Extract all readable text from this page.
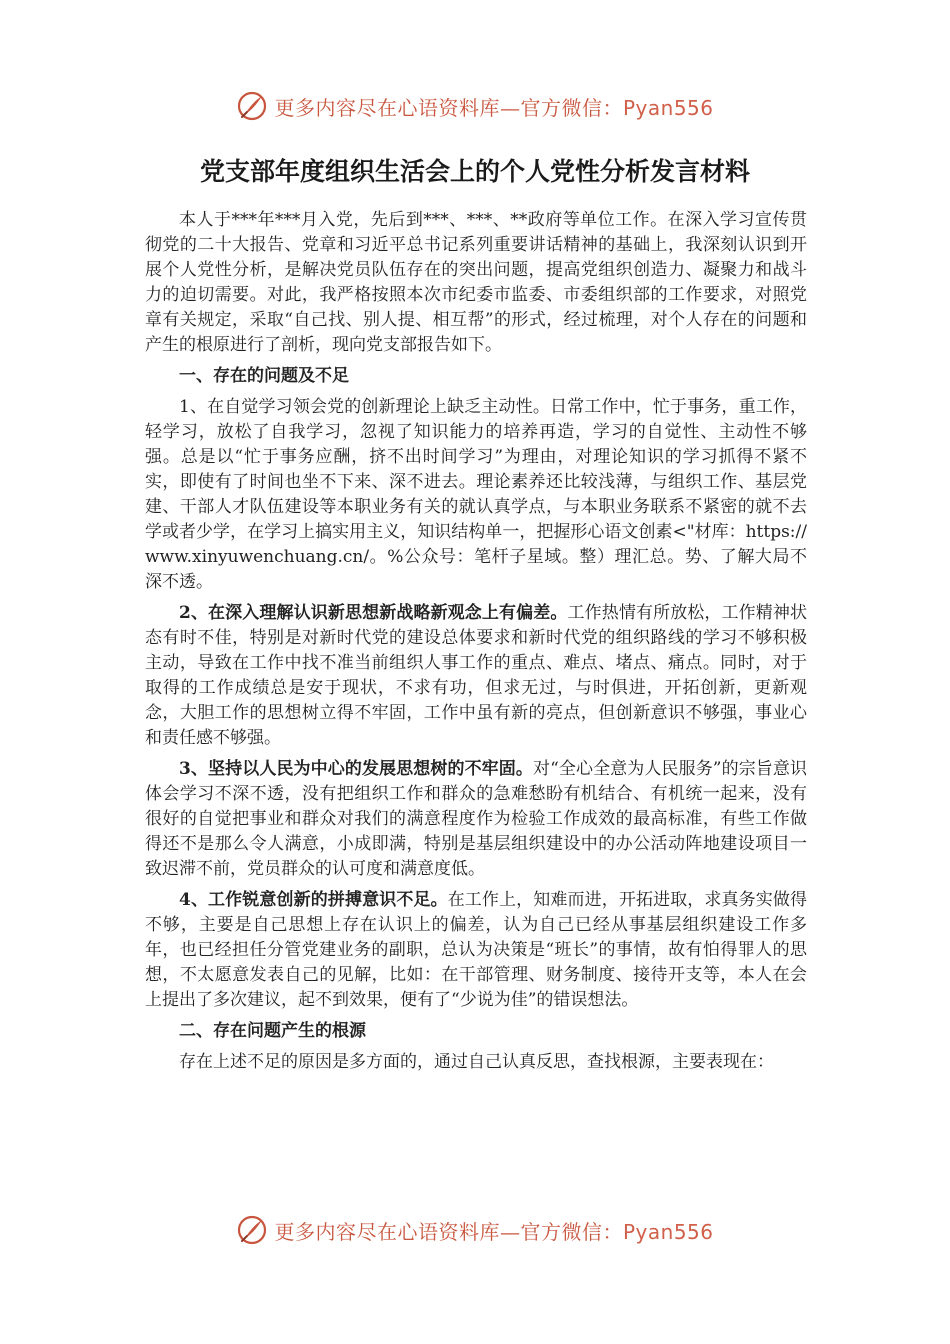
更多内容尽在心语资料库—官方微信：Pyan556
党支部年度组织生活会上的个人党性分析发言材料

本人于***年***月入党，先后到***、***、**政府等单位工作。在深入学习宣传贯彻党的二十大报告、党章和习近平总书记系列重要讲话精神的基础上，我深刻认识到开展个人党性分析，是解决党员队伍存在的突出问题，提高党组织创造力、凝聚力和战斗力的迫切需要。对此，我严格按照本次市纪委市监委、市委组织部的工作要求，对照党章有关规定，采取“自己找、别人提、相互帮”的形式，经过梳理，对个人存在的问题和产生的根原进行了剖析，现向党支部报告如下。

一、存在的问题及不足

1、在自觉学习领会党的创新理论上缺乏主动性。日常工作中，忙于事务，重工作，轻学习，放松了自我学习，忽视了知识能力的培养再造，学习的自觉性、主动性不够强。总是以“忙于事务应酬，挤不出时间学习”为理由，对理论知识的学习抓得不紧不实，即使有了时间也坐不下来、深不进去。理论素养还比较浅薄，与组织工作、基层党建、干部人才队伍建设等本职业务有关的就认真学点，与本职业务联系不紧密的就不去学或者少学，在学习上搞实用主义，知识结构单一，把握形心语文创素<"材库：https://www.xinyuwenchuang.cn/。%公众号：笔杆子星域。整）理汇总。势、了解大局不深不透。

2、在深入理解认识新思想新战略新观念上有偏差。工作热情有所放松，工作精神状态有时不佳，特别是对新时代党的建设总体要求和新时代党的组织路线的学习不够积极主动，导致在工作中找不准当前组织人事工作的重点、难点、堵点、痛点。同时，对于取得的工作成绩总是安于现状，不求有功，但求无过，与时俱进，开拓创新，更新观念，大胆工作的思想树立得不牢固，工作中虽有新的亮点，但创新意识不够强，事业心和责任感不够强。

3、坚持以人民为中心的发展思想树的不牢固。对“全心全意为人民服务”的宗旨意识体会学习不深不透，没有把组织工作和群众的急难愁盼有机结合、有机统一起来，没有很好的自觉把事业和群众对我们的满意程度作为检验工作成效的最高标准，有些工作做得还不是那么令人满意，小成即满，特别是基层组织建设中的办公活动阵地建设项目一致迟滞不前，党员群众的认可度和满意度低。

4、工作锐意创新的拼搏意识不足。在工作上，知难而进，开拓进取，求真务实做得不够，主要是自己思想上存在认识上的偏差，认为自己已经从事基层组织建设工作多年，也已经担任分管党建业务的副职，总认为决策是“班长”的事情，故有怕得罪人的思想，不太愿意发表自己的见解，比如：在干部管理、财务制度、接待开支等，本人在会上提出了多次建议，起不到效果，便有了“少说为佳”的错误想法。

二、存在问题产生的根源

存在上述不足的原因是多方面的，通过自己认真反思，查找根源，主要表现在：

更多内容尽在心语资料库—官方微信：Pyan556
